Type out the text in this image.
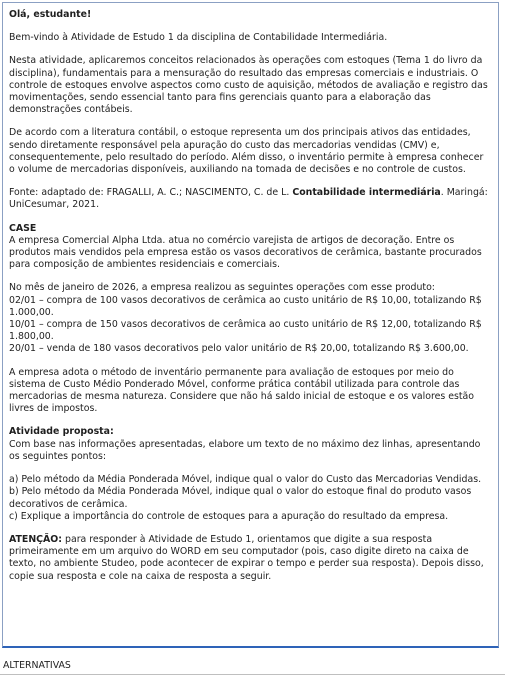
Olá, estudante!

Bem-vindo à Atividade de Estudo 1 da disciplina de Contabilidade Intermediária.

Nesta atividade, aplicaremos conceitos relacionados às operações com estoques (Tema 1 do livro da disciplina), fundamentais para a mensuração do resultado das empresas comerciais e industriais. O controle de estoques envolve aspectos como custo de aquisição, métodos de avaliação e registro das movimentações, sendo essencial tanto para fins gerenciais quanto para a elaboração das demonstrações contábeis.

De acordo com a literatura contábil, o estoque representa um dos principais ativos das entidades, sendo diretamente responsável pela apuração do custo das mercadorias vendidas (CMV) e, consequentemente, pelo resultado do período. Além disso, o inventário permite à empresa conhecer o volume de mercadorias disponíveis, auxiliando na tomada de decisões e no controle de custos.

Fonte: adaptado de: FRAGALLI, A. C.; NASCIMENTO, C. de L. Contabilidade intermediária. Maringá: UniCesumar, 2021.

CASE

A empresa Comercial Alpha Ltda. atua no comércio varejista de artigos de decoração. Entre os produtos mais vendidos pela empresa estão os vasos decorativos de cerâmica, bastante procurados para composição de ambientes residenciais e comerciais.

No mês de janeiro de 2026, a empresa realizou as seguintes operações com esse produto:

02/01 – compra de 100 vasos decorativos de cerâmica ao custo unitário de R$ 10,00, totalizando R$ 1.000,00.

10/01 – compra de 150 vasos decorativos de cerâmica ao custo unitário de R$ 12,00, totalizando R$ 1.800,00.

20/01 – venda de 180 vasos decorativos pelo valor unitário de R$ 20,00, totalizando R$ 3.600,00.

A empresa adota o método de inventário permanente para avaliação de estoques por meio do sistema de Custo Médio Ponderado Móvel, conforme prática contábil utilizada para controle das mercadorias de mesma natureza. Considere que não há saldo inicial de estoque e os valores estão livres de impostos.

Atividade proposta:

Com base nas informações apresentadas, elabore um texto de no máximo dez linhas, apresentando os seguintes pontos:

a) Pelo método da Média Ponderada Móvel, indique qual o valor do Custo das Mercadorias Vendidas.

b) Pelo método da Média Ponderada Móvel, indique qual o valor do estoque final do produto vasos decorativos de cerâmica.

c) Explique a importância do controle de estoques para a apuração do resultado da empresa.

ATENÇÃO: para responder à Atividade de Estudo 1, orientamos que digite a sua resposta primeiramente em um arquivo do WORD em seu computador (pois, caso digite direto na caixa de texto, no ambiente Studeo, pode acontecer de expirar o tempo e perder sua resposta). Depois disso, copie sua resposta e cole na caixa de resposta a seguir.

ALTERNATIVAS
